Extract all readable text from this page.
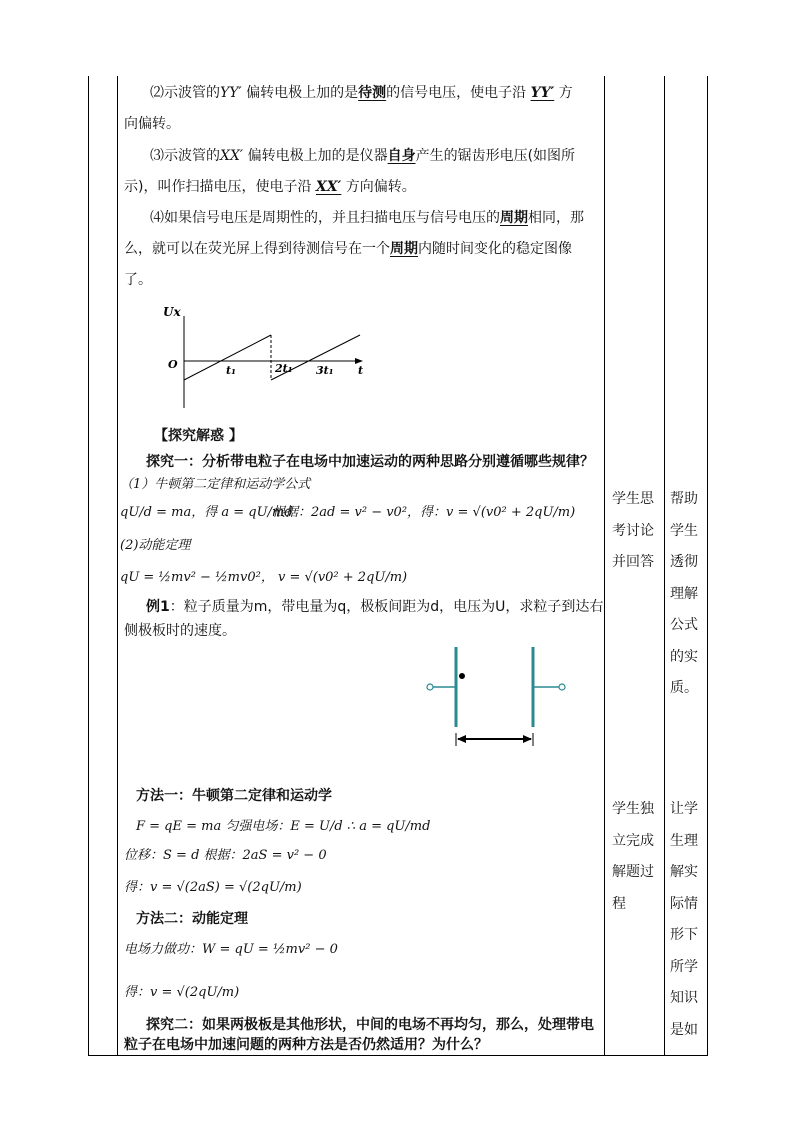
⑵示波管的YY′ 偏转电极上加的是待测的信号电压，使电子沿 YY′ 方
向偏转。
⑶示波管的XX′ 偏转电极上加的是仪器自身产生的锯齿形电压(如图所
示)，叫作扫描电压，使电子沿 XX′ 方向偏转。
⑷如果信号电压是周期性的，并且扫描电压与信号电压的周期相同，那
么，就可以在荧光屏上得到待测信号在一个周期内随时间变化的稳定图像
了。
Ux
O	t₁	2t₁ 3t₁ t
【探究解惑 】
探究一：分析带电粒子在电场中加速运动的两种思路分别遵循哪些规律？
（1）牛顿第二定律和运动学公式
qU/d = ma，得 a = qU/md
根据：2ad = v² − v0²，得：v = √(v0² + 2qU/m)
(2)动能定理
qU = ½mv² − ½mv0²， v = √(v0² + 2qU/m)
例1：粒子质量为m，带电量为q，极板间距为d，电压为U，求粒子到达右
侧极板时的速度。
方法一：牛顿第二定律和运动学
F = qE = ma 匀强电场：E = U/d ∴ a = qU/md
位移：S = d 根据：2aS = v² − 0
得：v = √(2aS) = √(2qU/m)
方法二：动能定理
电场力做功：W = qU = ½mv² − 0
得：v = √(2qU/m)
探究二：如果两极板是其他形状，中间的电场不再均匀，那么，处理带电
粒子在电场中加速问题的两种方法是否仍然适用？为什么？
学生思
考讨论
并回答
帮助
学生
透彻
理解
公式
的实
质。
学生独
立完成
解题过
程
让学
生理
解实
际情
形下
所学
知识
是如
